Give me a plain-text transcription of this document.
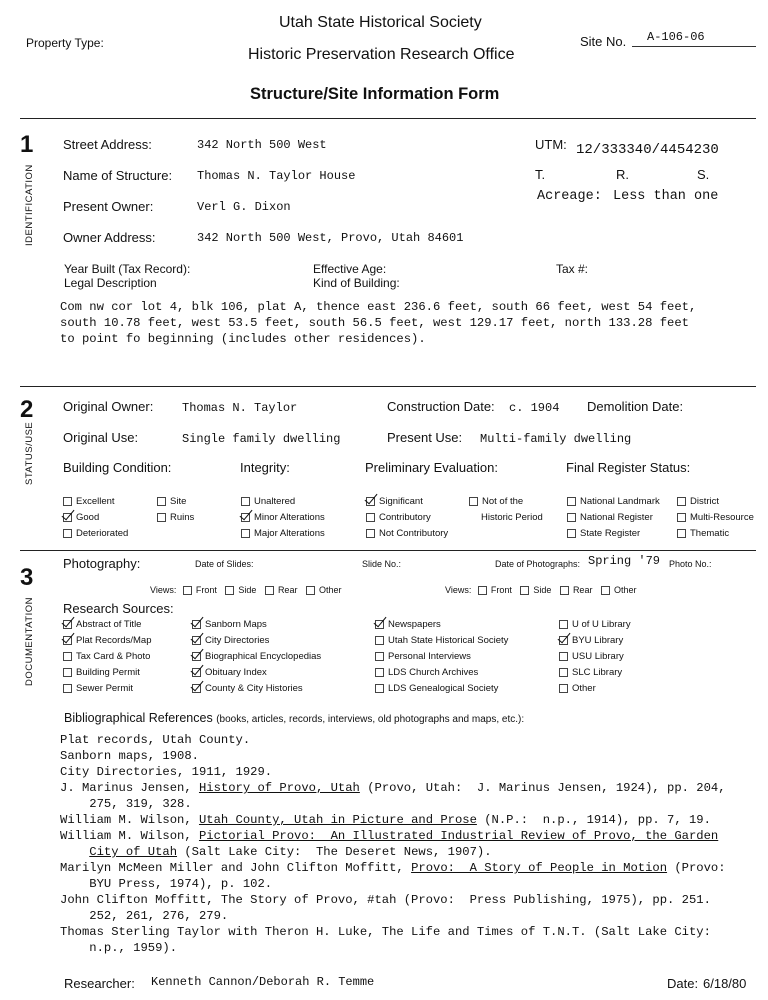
Utah State Historical Society
Property Type:
Historic Preservation Research Office
Site No. A-106-06
Structure/Site Information Form
1
IDENTIFICATION
Street Address:	342 North 500 West	UTM: 12/333340/4454230
Name of Structure: Thomas N. Taylor House	T.	R.	S.
Present Owner:	Verl G. Dixon
Acreage: Less than one
Owner Address:	342 North 500 West, Provo, Utah 84601
Year Built (Tax Record):	Effective Age:	Tax #:
Legal Description	Kind of Building:
Com nw cor lot 4, blk 106, plat A, thence east 236.6 feet, south 66 feet, west 54 feet,
south 10.78 feet, west 53.5 feet, south 56.5 feet, west 129.17 feet, north 133.28 feet
to point fo beginning (includes other residences).
2
STATUS/USE
Original Owner: Thomas N. Taylor	Construction Date: c. 1904 Demolition Date:
Original Use:	Single family dwelling	Present Use: Multi-family dwelling
Building Condition:	Integrity:	Preliminary Evaluation:	Final Register Status:
Excellent
Good
Deteriorated
Site
Ruins
Unaltered
Minor Alterations
Major Alterations
Significant
Contributory
Not Contributory
Not of the
Historic Period
National Landmark
National Register
State Register
District
Multi-Resource
Thematic
3
DOCUMENTATION
Photography:	Date of Slides:	Slide No.:	Date of Photographs: Spring '79 Photo No.:
Views: Front Side Rear Other	Views: Front Side Rear Other
Research Sources:
Abstract of Title
Plat Records/Map
Tax Card & Photo
Building Permit
Sewer Permit
Sanborn Maps
City Directories
Biographical Encyclopedias
Obituary Index
County & City Histories
Newspapers
Utah State Historical Society
Personal Interviews
LDS Church Archives
LDS Genealogical Society
U of U Library
BYU Library
USU Library
SLC Library
Other
Bibliographical References (books, articles, records, interviews, old photographs and maps, etc.):
Plat records, Utah County.
Sanborn maps, 1908.
City Directories, 1911, 1929.
J. Marinus Jensen, History of Provo, Utah (Provo, Utah:  J. Marinus Jensen, 1924), pp. 204,
275, 319, 328.
William M. Wilson, Utah County, Utah in Picture and Prose (N.P.:  n.p., 1914), pp. 7, 19.
William M. Wilson, Pictorial Provo:  An Illustrated Industrial Review of Provo, the Garden
City of Utah (Salt Lake City:  The Deseret News, 1907).
Marilyn McMeen Miller and John Clifton Moffitt, Provo:  A Story of People in Motion (Provo:
BYU Press, 1974), p. 102.
John Clifton Moffitt, The Story of Provo, #tah (Provo:  Press Publishing, 1975), pp. 251.
252, 261, 276, 279.
Thomas Sterling Taylor with Theron H. Luke, The Life and Times of T.N.T. (Salt Lake City:
n.p., 1959).
Researcher: Kenneth Cannon/Deborah R. Temme	Date: 6/18/80
